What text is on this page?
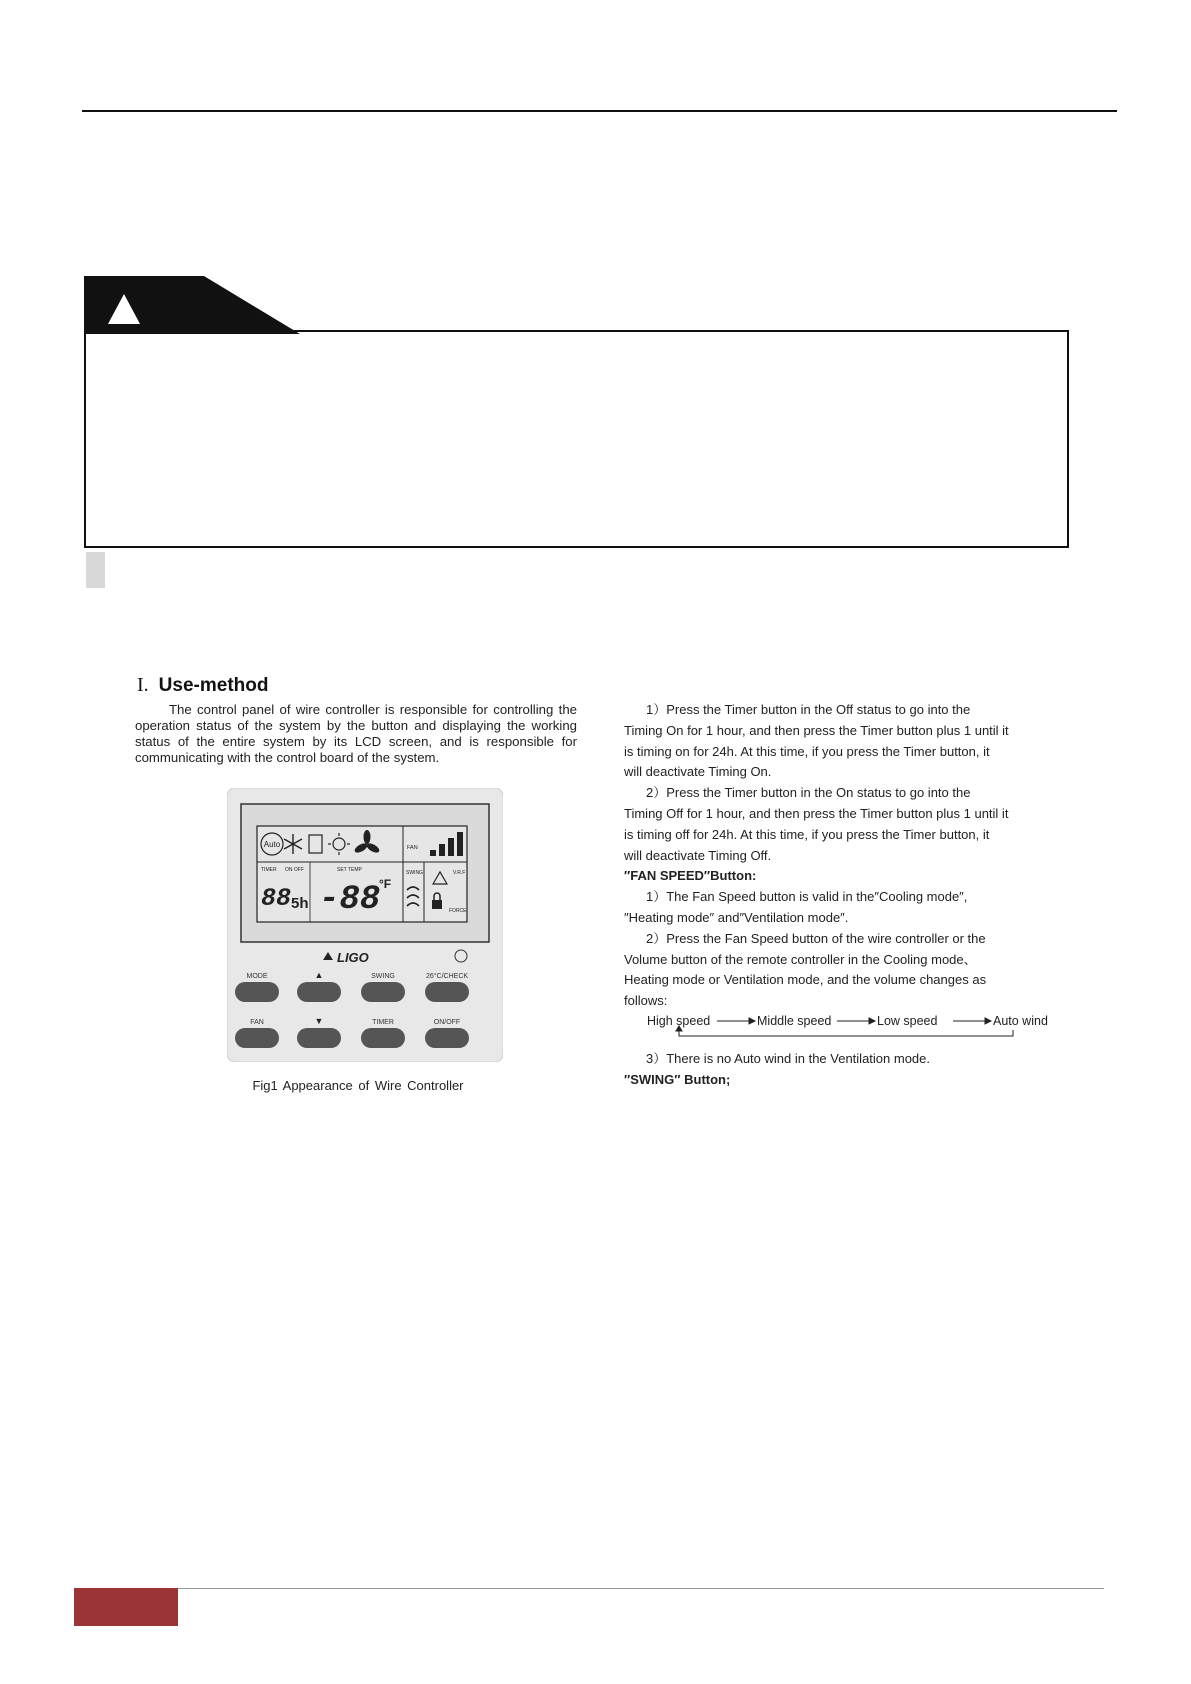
I. Use-method

The control panel of wire controller is responsible for controlling the operation status of the system by the button and displaying the working status of the entire system by its LCD screen, and is responsible for communicating with the control board of the system.

Auto	FAN
TIMER ON OFF	SET TEMP	SWING	V.R.F
FORCE
88 5h -88
°F
LIGO
MODE	▲	SWING	26°C/CHECK
FAN	▼	TIMER	ON/OFF
Fig1 Appearance of Wire Controller

1）Press the Timer button in the Off status to go into the

Timing On for 1 hour, and then press the Timer button plus 1 until it

is timing on for 24h. At this time, if you press the Timer button, it

will deactivate Timing On.

2）Press the Timer button in the On status to go into the

Timing Off for 1 hour, and then press the Timer button plus 1 until it

is timing off for 24h. At this time, if you press the Timer button, it

will deactivate Timing Off.

″FAN SPEED″Button:

1）The Fan Speed button is valid in the″Cooling mode″,

″Heating mode″ and″Ventilation mode″.

2）Press the Fan Speed button of the wire controller or the

Volume button of the remote controller in the Cooling mode、

Heating mode or Ventilation mode, and the volume changes as

follows:

High speed	Middle speed	Low speed	Auto wind

3）There is no Auto wind in the Ventilation mode.

″SWING″ Button;
